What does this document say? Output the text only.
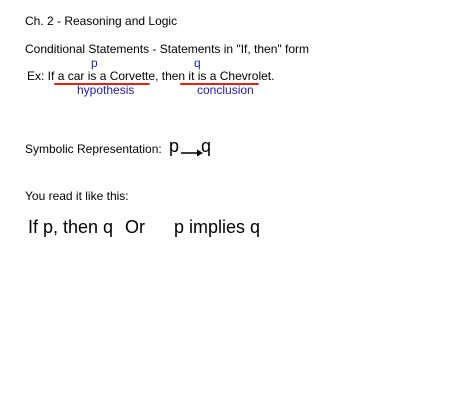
Ch. 2 - Reasoning and Logic
Conditional Statements - Statements in "If, then" form
p	q
Ex: If a car is a Corvette, then it is a Chevrolet.
hypothesis	conclusion
Symbolic Representation: p q
You read it like this:
If p, then q Or p implies q
